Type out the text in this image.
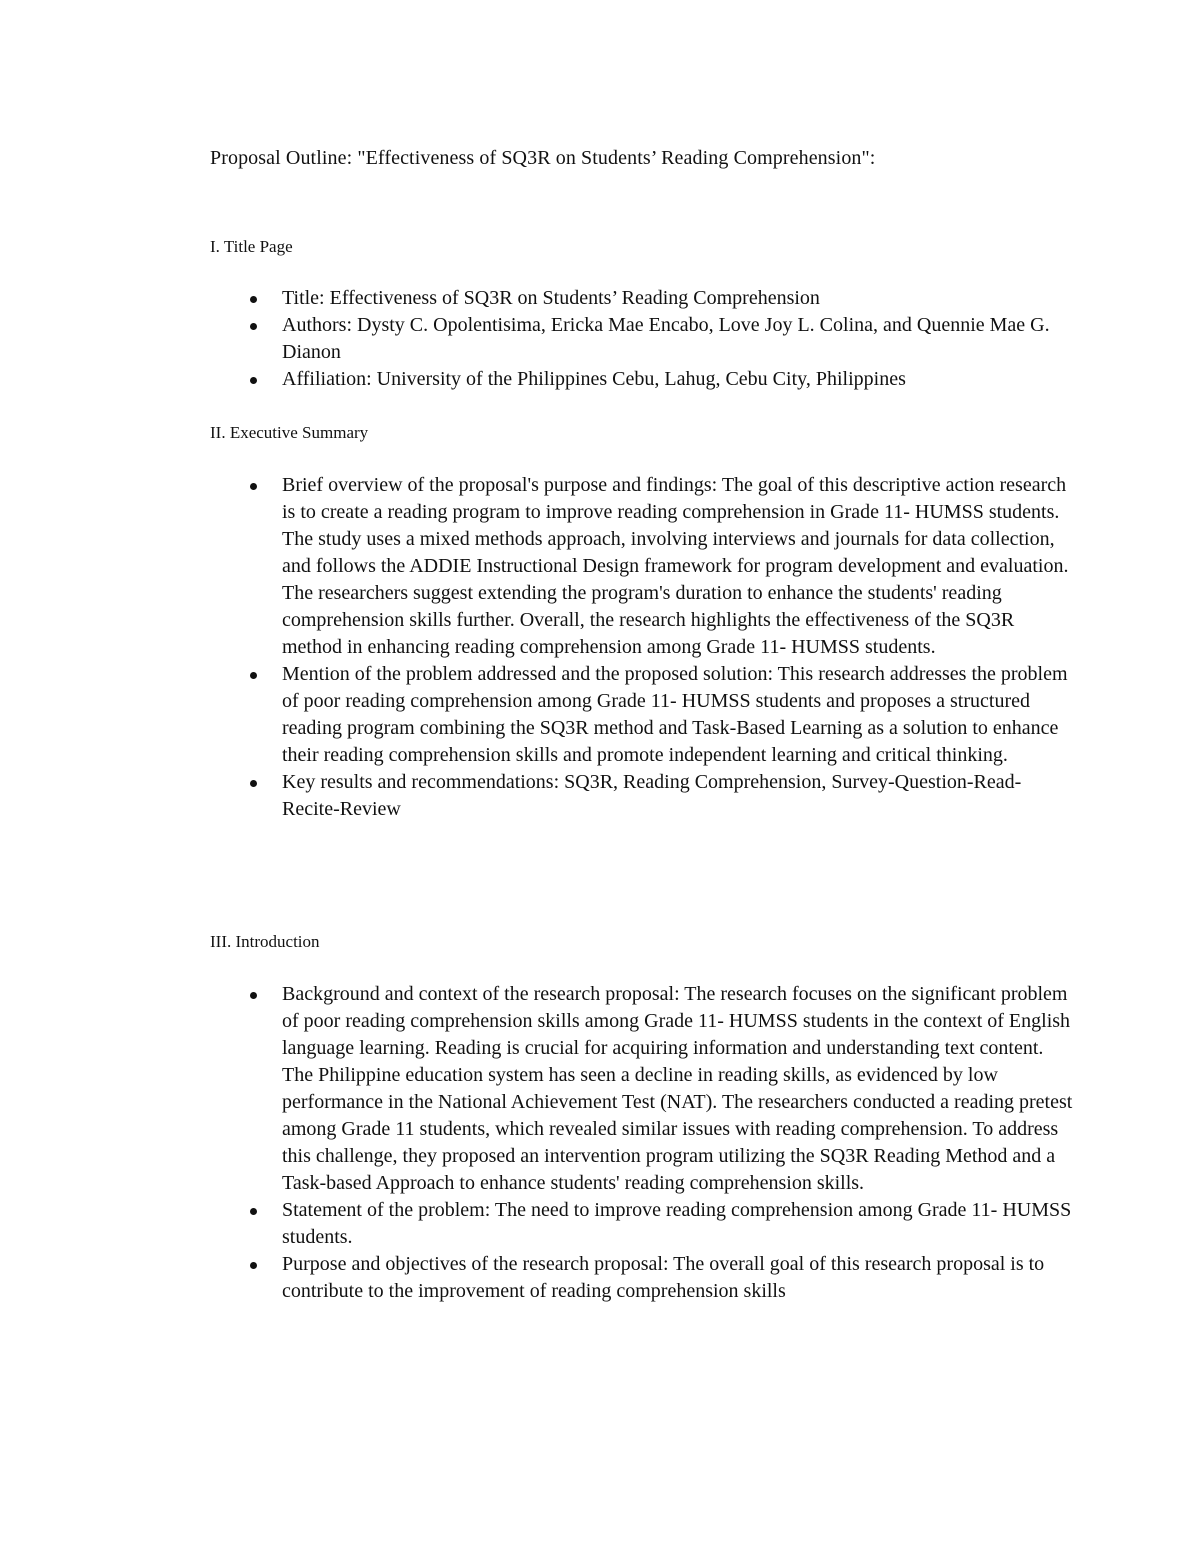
Proposal Outline: "Effectiveness of SQ3R on Students’ Reading Comprehension":
I. Title Page
Title: Effectiveness of SQ3R on Students’ Reading Comprehension
Authors: Dysty C. Opolentisima, Ericka Mae Encabo, Love Joy L. Colina, and Quennie Mae G. Dianon
Affiliation: University of the Philippines Cebu, Lahug, Cebu City, Philippines
II. Executive Summary
Brief overview of the proposal's purpose and findings: The goal of this descriptive action research is to create a reading program to improve reading comprehension in Grade 11- HUMSS students. The study uses a mixed methods approach, involving interviews and journals for data collection, and follows the ADDIE Instructional Design framework for program development and evaluation. The researchers suggest extending the program's duration to enhance the students' reading comprehension skills further. Overall, the research highlights the effectiveness of the SQ3R method in enhancing reading comprehension among Grade 11- HUMSS students.
Mention of the problem addressed and the proposed solution: This research addresses the problem of poor reading comprehension among Grade 11- HUMSS students and proposes a structured reading program combining the SQ3R method and Task-Based Learning as a solution to enhance their reading comprehension skills and promote independent learning and critical thinking.
Key results and recommendations: SQ3R, Reading Comprehension, Survey-Question-Read-Recite-Review
III. Introduction
Background and context of the research proposal: The research focuses on the significant problem of poor reading comprehension skills among Grade 11- HUMSS students in the context of English language learning. Reading is crucial for acquiring information and understanding text content. The Philippine education system has seen a decline in reading skills, as evidenced by low performance in the National Achievement Test (NAT). The researchers conducted a reading pretest among Grade 11 students, which revealed similar issues with reading comprehension. To address this challenge, they proposed an intervention program utilizing the SQ3R Reading Method and a Task-based Approach to enhance students' reading comprehension skills.
Statement of the problem: The need to improve reading comprehension among Grade 11- HUMSS students.
Purpose and objectives of the research proposal: The overall goal of this research proposal is to contribute to the improvement of reading comprehension skills
